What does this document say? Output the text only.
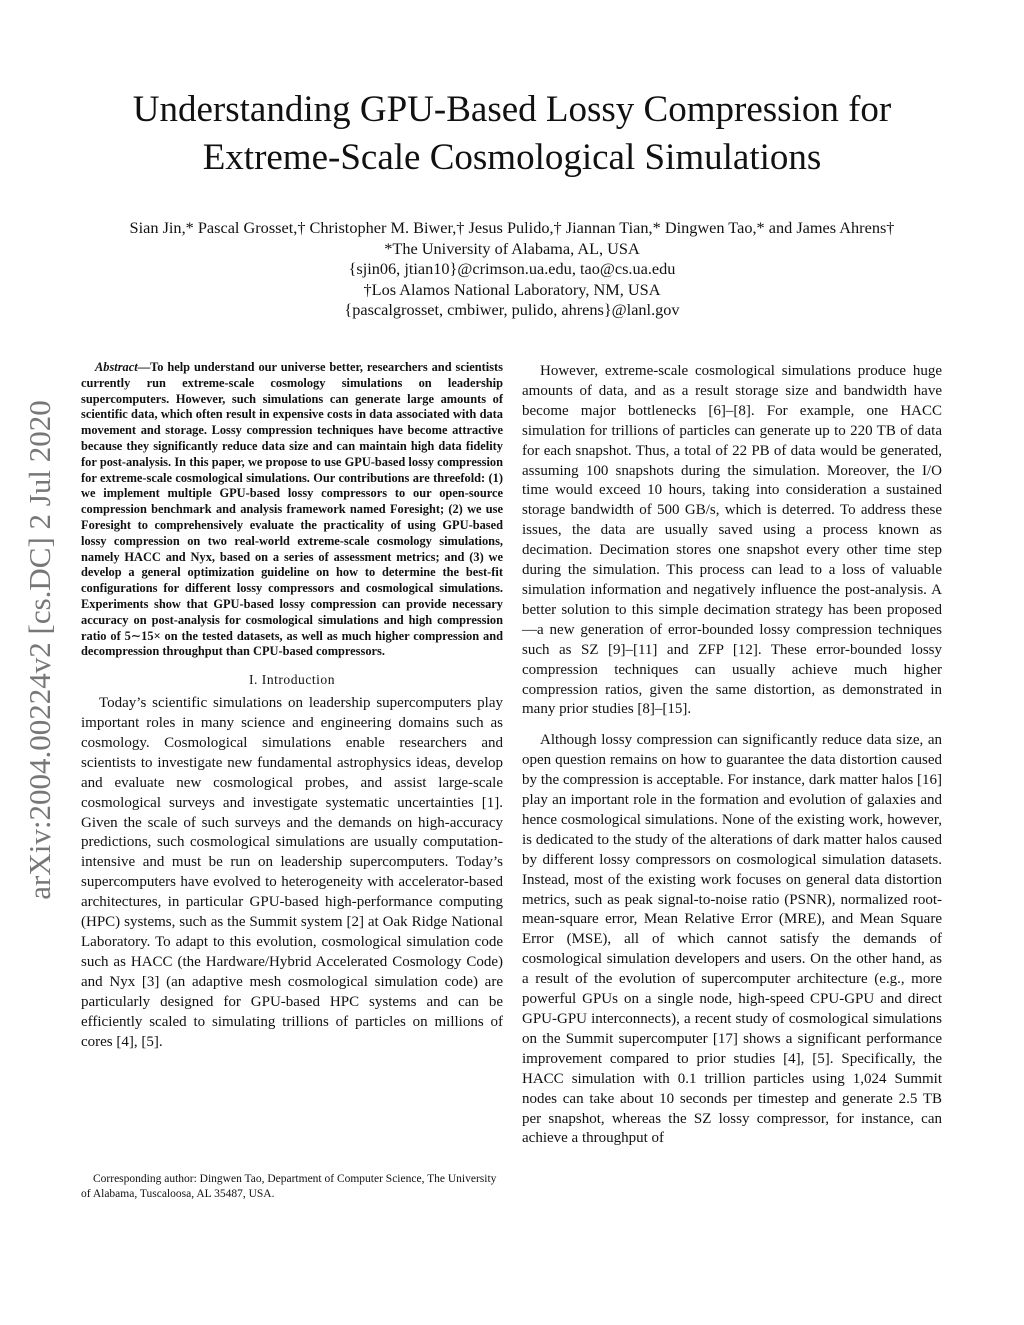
arXiv:2004.00224v2 [cs.DC] 2 Jul 2020
Understanding GPU-Based Lossy Compression for
Extreme-Scale Cosmological Simulations
Sian Jin,* Pascal Grosset,† Christopher M. Biwer,† Jesus Pulido,† Jiannan Tian,* Dingwen Tao,* and James Ahrens†
*The University of Alabama, AL, USA
{sjin06, jtian10}@crimson.ua.edu, tao@cs.ua.edu
†Los Alamos National Laboratory, NM, USA
{pascalgrosset, cmbiwer, pulido, ahrens}@lanl.gov

Abstract—To help understand our universe better, researchers and scientists currently run extreme-scale cosmology simulations on leadership supercomputers. However, such simulations can generate large amounts of scientific data, which often result in expensive costs in data associated with data movement and storage. Lossy compression techniques have become attractive because they significantly reduce data size and can maintain high data fidelity for post-analysis. In this paper, we propose to use GPU-based lossy compression for extreme-scale cosmological simulations. Our contributions are threefold: (1) we implement multiple GPU-based lossy compressors to our open-source compression benchmark and analysis framework named Foresight; (2) we use Foresight to comprehensively evaluate the practicality of using GPU-based lossy compression on two real-world extreme-scale cosmology simulations, namely HACC and Nyx, based on a series of assessment metrics; and (3) we develop a general optimization guideline on how to determine the best-fit configurations for different lossy compressors and cosmological simulations. Experiments show that GPU-based lossy compression can provide necessary accuracy on post-analysis for cosmological simulations and high compression ratio of 5∼15× on the tested datasets, as well as much higher compression and decompression throughput than CPU-based compressors.

I. Introduction

Today’s scientific simulations on leadership supercomputers play important roles in many science and engineering domains such as cosmology. Cosmological simulations enable researchers and scientists to investigate new fundamental astrophysics ideas, develop and evaluate new cosmological probes, and assist large-scale cosmological surveys and investigate systematic uncertainties [1]. Given the scale of such surveys and the demands on high-accuracy predictions, such cosmological simulations are usually computation-intensive and must be run on leadership supercomputers. Today’s supercomputers have evolved to heterogeneity with accelerator-based architectures, in particular GPU-based high-performance computing (HPC) systems, such as the Summit system [2] at Oak Ridge National Laboratory. To adapt to this evolution, cosmological simulation code such as HACC (the Hardware/Hybrid Accelerated Cosmology Code) and Nyx [3] (an adaptive mesh cosmological simulation code) are particularly designed for GPU-based HPC systems and can be efficiently scaled to simulating trillions of particles on millions of cores [4], [5].

Corresponding author: Dingwen Tao, Department of Computer Science, The University of Alabama, Tuscaloosa, AL 35487, USA.

However, extreme-scale cosmological simulations produce huge amounts of data, and as a result storage size and bandwidth have become major bottlenecks [6]–[8]. For example, one HACC simulation for trillions of particles can generate up to 220 TB of data for each snapshot. Thus, a total of 22 PB of data would be generated, assuming 100 snapshots during the simulation. Moreover, the I/O time would exceed 10 hours, taking into consideration a sustained storage bandwidth of 500 GB/s, which is deterred. To address these issues, the data are usually saved using a process known as decimation. Decimation stores one snapshot every other time step during the simulation. This process can lead to a loss of valuable simulation information and negatively influence the post-analysis. A better solution to this simple decimation strategy has been proposed—a new generation of error-bounded lossy compression techniques such as SZ [9]–[11] and ZFP [12]. These error-bounded lossy compression techniques can usually achieve much higher compression ratios, given the same distortion, as demonstrated in many prior studies [8]–[15].

Although lossy compression can significantly reduce data size, an open question remains on how to guarantee the data distortion caused by the compression is acceptable. For instance, dark matter halos [16] play an important role in the formation and evolution of galaxies and hence cosmological simulations. None of the existing work, however, is dedicated to the study of the alterations of dark matter halos caused by different lossy compressors on cosmological simulation datasets. Instead, most of the existing work focuses on general data distortion metrics, such as peak signal-to-noise ratio (PSNR), normalized root-mean-square error, Mean Relative Error (MRE), and Mean Square Error (MSE), all of which cannot satisfy the demands of cosmological simulation developers and users. On the other hand, as a result of the evolution of supercomputer architecture (e.g., more powerful GPUs on a single node, high-speed CPU-GPU and direct GPU-GPU interconnects), a recent study of cosmological simulations on the Summit supercomputer [17] shows a significant performance improvement compared to prior studies [4], [5]. Specifically, the HACC simulation with 0.1 trillion particles using 1,024 Summit nodes can take about 10 seconds per timestep and generate 2.5 TB per snapshot, whereas the SZ lossy compressor, for instance, can achieve a throughput of
